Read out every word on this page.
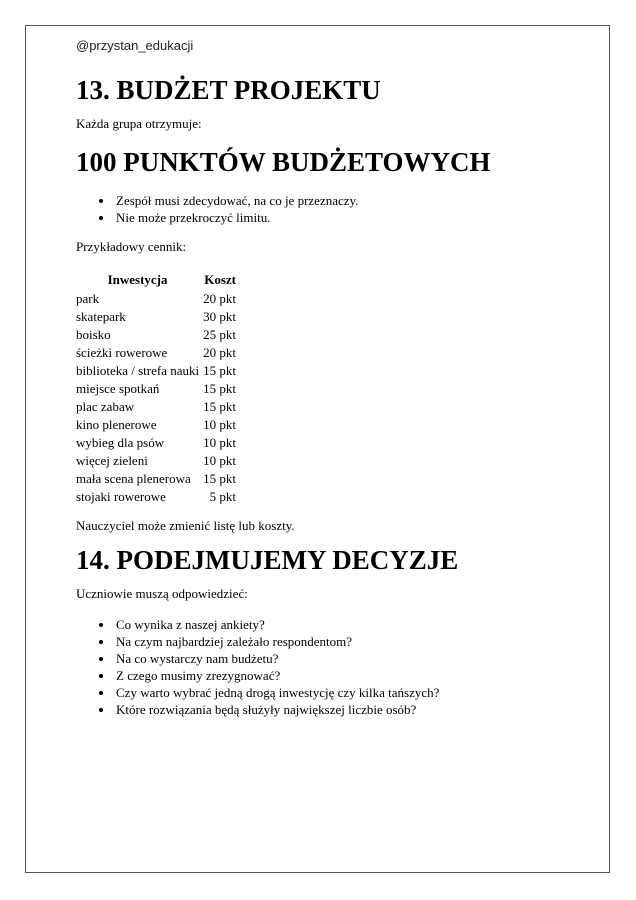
@przystan_edukacji

13. BUDŻET PROJEKTU

Każda grupa otrzymuje:

100 PUNKTÓW BUDŻETOWYCH
• Zespół musi zdecydować, na co je przeznaczy.
• Nie może przekroczyć limitu.

Przykładowy cennik:

Inwestycja	Koszt
park	20 pkt
skatepark	30 pkt
boisko	25 pkt
ścieżki rowerowe	20 pkt
biblioteka / strefa nauki	15 pkt
miejsce spotkań	15 pkt
plac zabaw	15 pkt
kino plenerowe	10 pkt
wybieg dla psów	10 pkt
więcej zieleni	10 pkt
mała scena plenerowa	15 pkt
stojaki rowerowe	5 pkt

Nauczyciel może zmienić listę lub koszty.

14. PODEJMUJEMY DECYZJE

Uczniowie muszą odpowiedzieć:

• Co wynika z naszej ankiety?
• Na czym najbardziej zależało respondentom?
• Na co wystarczy nam budżetu?
• Z czego musimy zrezygnować?
• Czy warto wybrać jedną drogą inwestycję czy kilka tańszych?
• Które rozwiązania będą służyły największej liczbie osób?
